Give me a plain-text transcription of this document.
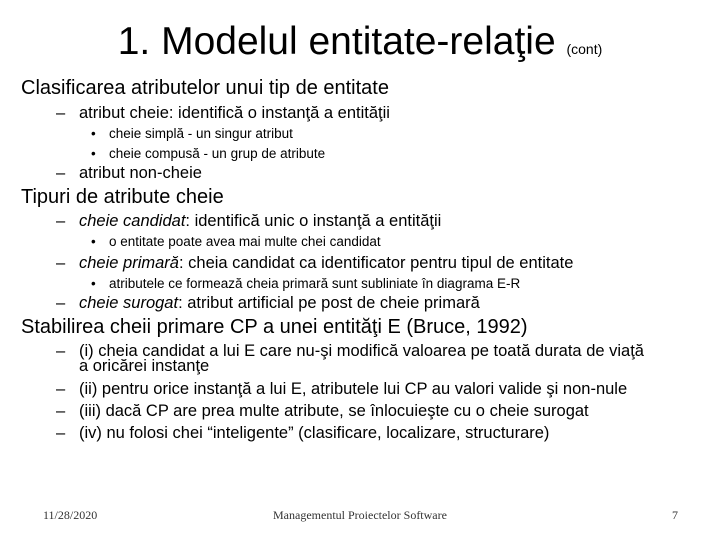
1. Modelul entitate-relaţie (cont)
Clasificarea atributelor unui tip de entitate
– atribut cheie: identifică o instanţă a entităţii
• cheie simplă - un singur atribut
• cheie compusă - un grup de atribute
– atribut non-cheie
Tipuri de atribute cheie
– cheie candidat: identifică unic o instanţă a entităţii
• o entitate poate avea mai multe chei candidat
– cheie primară: cheia candidat ca identificator pentru tipul de entitate
• atributele ce formează cheia primară sunt subliniate în diagrama E-R
– cheie surogat: atribut artificial pe post de cheie primară
Stabilirea cheii primare CP a unei entităţi E (Bruce, 1992)
– (i) cheia candidat a lui E care nu-şi modifică valoarea pe toată durata de viaţă
a oricărei instanţe
– (ii) pentru orice instanţă a lui E, atributele lui CP au valori valide şi non-nule
– (iii) dacă CP are prea multe atribute, se înlocuieşte cu o cheie surogat
– (iv) nu folosi chei “inteligente” (clasificare, localizare, structurare)
11/28/2020	Managementul Proiectelor Software	7
